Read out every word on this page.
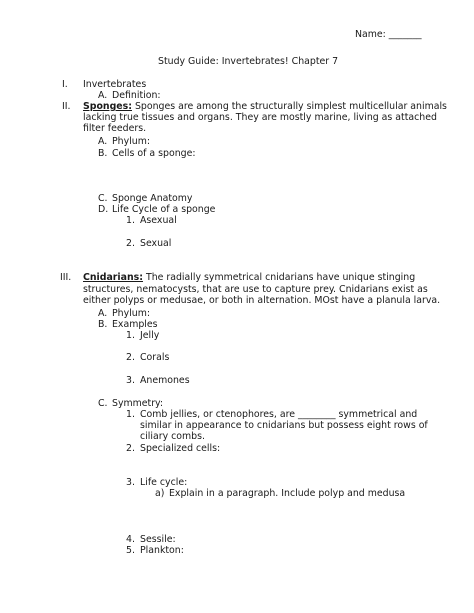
Name: _______
Study Guide: Invertebrates! Chapter 7
I. Invertebrates
A. Definition:
II. Sponges: Sponges are among the structurally simplest multicellular animals
lacking true tissues and organs. They are mostly marine, living as attached
filter feeders.
A. Phylum:
B. Cells of a sponge:
C. Sponge Anatomy
D. Life Cycle of a sponge
1. Asexual
2. Sexual
III. Cnidarians: The radially symmetrical cnidarians have unique stinging
structures, nematocysts, that are use to capture prey. Cnidarians exist as
either polyps or medusae, or both in alternation. MOst have a planula larva.
A. Phylum:
B. Examples
1. Jelly
2. Corals
3. Anemones
C. Symmetry:
1. Comb jellies, or ctenophores, are ________ symmetrical and
similar in appearance to cnidarians but possess eight rows of
ciliary combs.
2. Specialized cells:
3. Life cycle:
a) Explain in a paragraph. Include polyp and medusa
4. Sessile:
5. Plankton:
